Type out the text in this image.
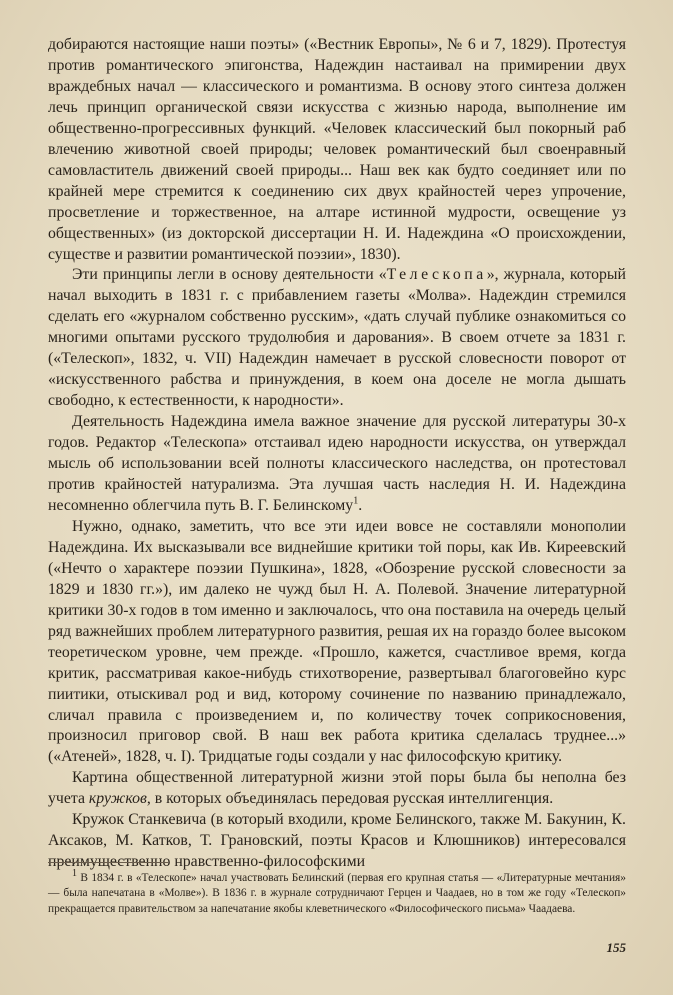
добираются настоящие наши поэты» («Вестник Европы», № 6 и 7, 1829). Протестуя против романтического эпигонства, Надеждин настаивал на примирении двух враждебных начал — классического и романтизма. В основу этого синтеза должен лечь принцип органической связи искусства с жизнью народа, выполнение им общественно-прогрессивных функций. «Человек классический был покорный раб влечению животной своей природы; человек романтический был своенравный самовластитель движений своей природы... Наш век как будто соединяет или по крайней мере стремится к соединению сих двух крайностей через упрочение, просветление и торжественное, на алтаре истинной мудрости, освещение уз общественных» (из докторской диссертации Н. И. Надеждина «О происхождении, существе и развитии романтической поэзии», 1830).

Эти принципы легли в основу деятельности «Телескопа», журнала, который начал выходить в 1831 г. с прибавлением газеты «Молва». Надеждин стремился сделать его «журналом собственно русским», «дать случай публике ознакомиться со многими опытами русского трудолюбия и дарования». В своем отчете за 1831 г. («Телескоп», 1832, ч. VII) Надеждин намечает в русской словесности поворот от «искусственного рабства и принуждения, в коем она доселе не могла дышать свободно, к естественности, к народности».

Деятельность Надеждина имела важное значение для русской литературы 30-х годов. Редактор «Телескопа» отстаивал идею народности искусства, он утверждал мысль об использовании всей полноты классического наследства, он протестовал против крайностей натурализма. Эта лучшая часть наследия Н. И. Надеждина несомненно облегчила путь В. Г. Белинскому$^1$.

Нужно, однако, заметить, что все эти идеи вовсе не составляли монополии Надеждина. Их высказывали все виднейшие критики той поры, как Ив. Киреевский («Нечто о характере поэзии Пушкина», 1828, «Обозрение русской словесности за 1829 и 1830 гг.»), им далеко не чужд был Н. А. Полевой. Значение литературной критики 30-х годов в том именно и заключалось, что она поставила на очередь целый ряд важнейших проблем литературного развития, решая их на гораздо более высоком теоретическом уровне, чем прежде. «Прошло, кажется, счастливое время, когда критик, рассматривая какое-нибудь стихотворение, развертывал благоговейно курс пиитики, отыскивал род и вид, которому сочинение по названию принадлежало, сличал правила с произведением и, по количеству точек соприкосновения, произносил приговор свой. В наш век работа критика сделалась труднее...» («Атеней», 1828, ч. I). Тридцатые годы создали у нас философскую критику.

Картина общественной литературной жизни этой поры была бы неполна без учета кружков, в которых объединялась передовая русская интеллигенция.

Кружок Станкевича (в который входили, кроме Белинского, также М. Бакунин, К. Аксаков, М. Катков, Т. Грановский, поэты Красов и Клюшников) интересовался преимущественно нравственно-философскими

1 В 1834 г. в «Телескопе» начал участвовать Белинский (первая его крупная статья — «Литературные мечтания» — была напечатана в «Молве»). В 1836 г. в журнале сотрудничают Герцен и Чаадаев, но в том же году «Телескоп» прекращается правительством за напечатание якобы клеветнического «Философического письма» Чаадаева.

155
